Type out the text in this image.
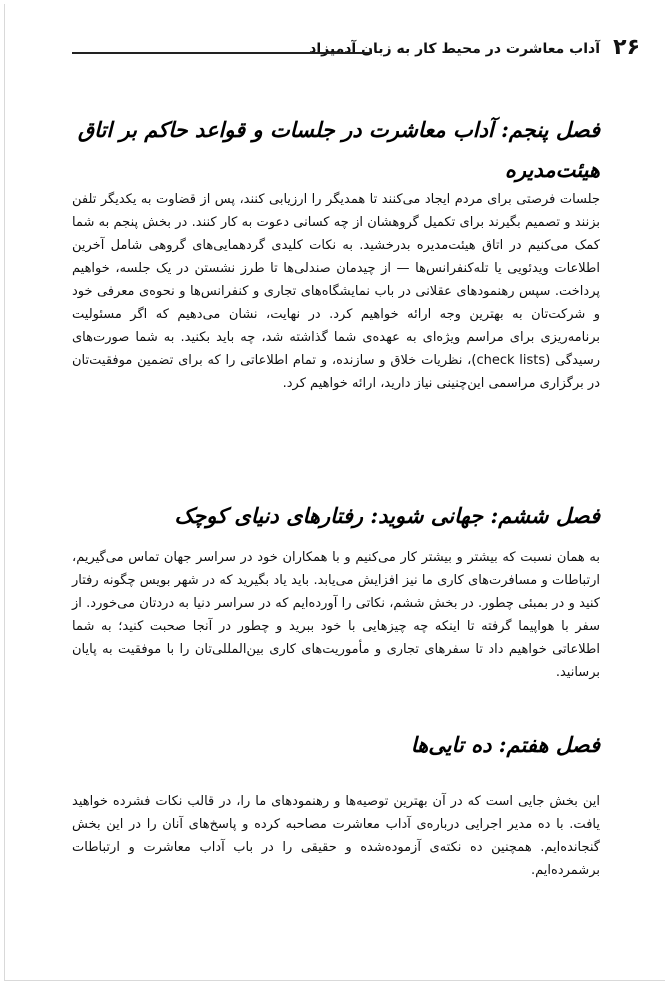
۲۶
آداب معاشرت در محیط کار به زبان آدمیزاد
فصل پنجم: آداب معاشرت در جلسات و قواعد حاکم بر اتاق هیئت‌مدیره
جلسات فرصتی برای مردم ایجاد می‌کنند تا همدیگر را ارزیابی کنند، پس از قضاوت به یکدیگر تلفن بزنند و تصمیم بگیرند برای تکمیل گروهشان از چه کسانی دعوت به کار کنند. در بخش پنجم به شما کمک می‌کنیم در اتاق هیئت‌مدیره بدرخشید. به نکات کلیدی گردهمایی‌های گروهی شامل آخرین اطلاعات ویدئویی یا تله‌کنفرانس‌ها — از چیدمان صندلی‌ها تا طرز نشستن در یک جلسه، خواهیم پرداخت. سپس رهنمودهای عقلانی در باب نمایشگاه‌های تجاری و کنفرانس‌ها و نحوه‌ی معرفی خود و شرکت‌تان به بهترین وجه ارائه خواهیم کرد. در نهایت، نشان می‌دهیم که اگر مسئولیت برنامه‌ریزی برای مراسم ویژه‌ای به عهده‌ی شما گذاشته شد، چه باید بکنید. به شما صورت‌های رسیدگی (check lists)، نظریات خلاق و سازنده، و تمام اطلاعاتی را که برای تضمین موفقیت‌تان در برگزاری مراسمی این‌چنینی نیاز دارید، ارائه خواهیم کرد.
فصل ششم: جهانی شوید: رفتارهای دنیای کوچک
به همان نسبت که بیشتر و بیشتر کار می‌کنیم و با همکاران خود در سراسر جهان تماس می‌گیریم، ارتباطات و مسافرت‌های کاری ما نیز افزایش می‌یابد. باید یاد بگیرید که در شهر بویس چگونه رفتار کنید و در بمبئی چطور. در بخش ششم، نکاتی را آورده‌ایم که در سراسر دنیا به دردتان می‌خورد. از سفر با هواپیما گرفته تا اینکه چه چیزهایی با خود ببرید و چطور در آنجا صحبت کنید؛ به شما اطلاعاتی خواهیم داد تا سفرهای تجاری و مأموریت‌های کاری بین‌المللی‌تان را با موفقیت به پایان برسانید.
فصل هفتم: ده تایی‌ها
این بخش جایی است که در آن بهترین توصیه‌ها و رهنمودهای ما را، در قالب نکات فشرده خواهید یافت. با ده مدیر اجرایی درباره‌ی آداب معاشرت مصاحبه کرده و پاسخ‌های آنان را در این بخش گنجانده‌ایم. همچنین ده نکته‌ی آزموده‌شده و حقیقی را در باب آداب معاشرت و ارتباطات برشمرده‌ایم.
